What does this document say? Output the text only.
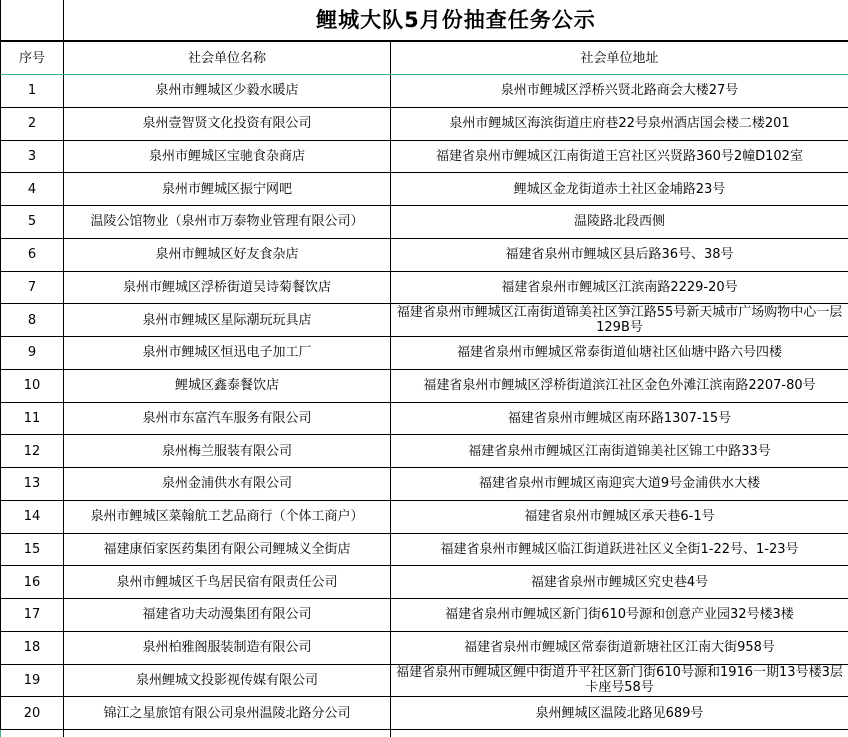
鲤城大队5月份抽查任务公示
序号	社会单位名称	社会单位地址
1	泉州市鲤城区少毅水暖店	泉州市鲤城区浮桥兴贤北路商会大楼27号
2	泉州壹智贤文化投资有限公司	泉州市鲤城区海滨街道庄府巷22号泉州酒店国会楼二楼201
3	泉州市鲤城区宝驰食杂商店	福建省泉州市鲤城区江南街道王宫社区兴贤路360号2幢D102室
4	泉州市鲤城区振宁网吧	鲤城区金龙街道赤土社区金埔路23号
5	温陵公馆物业（泉州市万泰物业管理有限公司）	温陵路北段西侧
6	泉州市鲤城区好友食杂店	福建省泉州市鲤城区县后路36号、38号
7	泉州市鲤城区浮桥街道吴诗菊餐饮店	福建省泉州市鲤城区江滨南路2229-20号
8	泉州市鲤城区星际潮玩玩具店	福建省泉州市鲤城区江南街道锦美社区笋江路55号新天城市广场购物中心一层129B号
9	泉州市鲤城区恒迅电子加工厂	福建省泉州市鲤城区常泰街道仙塘社区仙塘中路六号四楼
10	鲤城区鑫泰餐饮店	福建省泉州市鲤城区浮桥街道滨江社区金色外滩江滨南路2207-80号
11	泉州市东富汽车服务有限公司	福建省泉州市鲤城区南环路1307-15号
12	泉州梅兰服装有限公司	福建省泉州市鲤城区江南街道锦美社区锦工中路33号
13	泉州金浦供水有限公司	福建省泉州市鲤城区南迎宾大道9号金浦供水大楼
14	泉州市鲤城区菜翰航工艺品商行（个体工商户）	福建省泉州市鲤城区承天巷6-1号
15	福建康佰家医药集团有限公司鲤城义全街店	福建省泉州市鲤城区临江街道跃进社区义全街1-22号、1-23号
16	泉州市鲤城区千鸟居民宿有限责任公司	福建省泉州市鲤城区究史巷4号
17	福建省功夫动漫集团有限公司	福建省泉州市鲤城区新门街610号源和创意产业园32号楼3楼
18	泉州柏雅阁服装制造有限公司	福建省泉州市鲤城区常泰街道新塘社区江南大街958号
19	泉州鲤城文投影视传媒有限公司	福建省泉州市鲤城区鲤中街道升平社区新门街610号源和1916一期13号楼3层卡座号58号
20	锦江之星旅馆有限公司泉州温陵北路分公司	泉州鲤城区温陵北路见689号
